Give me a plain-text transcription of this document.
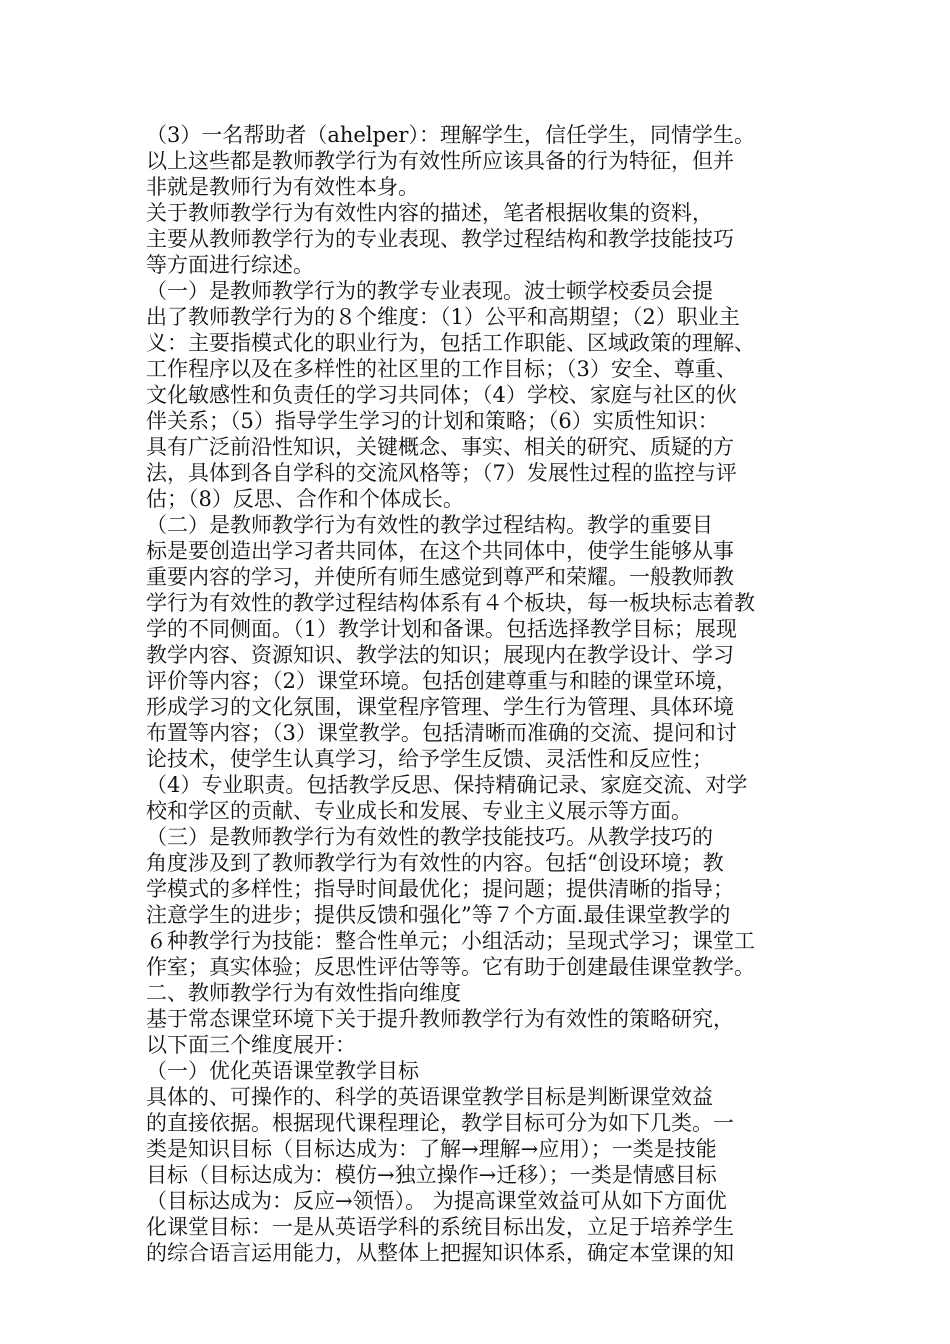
（3）一名帮助者（ahelper）：理解学生，信任学生，同情学生。
以上这些都是教师教学行为有效性所应该具备的行为特征，但并
非就是教师行为有效性本身。
关于教师教学行为有效性内容的描述，笔者根据收集的资料，
主要从教师教学行为的专业表现、教学过程结构和教学技能技巧
等方面进行综述。
（一）是教师教学行为的教学专业表现。波士顿学校委员会提
出了教师教学行为的８个维度：（1）公平和高期望；（2）职业主
义：主要指模式化的职业行为，包括工作职能、区域政策的理解、
工作程序以及在多样性的社区里的工作目标；（3）安全、尊重、
文化敏感性和负责任的学习共同体；（4）学校、家庭与社区的伙
伴关系；（5）指导学生学习的计划和策略；（6）实质性知识：
具有广泛前沿性知识，关键概念、事实、相关的研究、质疑的方
法，具体到各自学科的交流风格等；（7）发展性过程的监控与评
估；（8）反思、合作和个体成长。
（二）是教师教学行为有效性的教学过程结构。教学的重要目
标是要创造出学习者共同体，在这个共同体中，使学生能够从事
重要内容的学习，并使所有师生感觉到尊严和荣耀。一般教师教
学行为有效性的教学过程结构体系有４个板块，每一板块标志着教
学的不同侧面。（1）教学计划和备课。包括选择教学目标；展现
教学内容、资源知识、教学法的知识；展现内在教学设计、学习
评价等内容；（2）课堂环境。包括创建尊重与和睦的课堂环境，
形成学习的文化氛围，课堂程序管理、学生行为管理、具体环境
布置等内容；（3）课堂教学。包括清晰而准确的交流、提问和讨
论技术，使学生认真学习，给予学生反馈、灵活性和反应性；
（4）专业职责。包括教学反思、保持精确记录、家庭交流、对学
校和学区的贡献、专业成长和发展、专业主义展示等方面。
（三）是教师教学行为有效性的教学技能技巧。从教学技巧的
角度涉及到了教师教学行为有效性的内容。包括“创设环境；教
学模式的多样性；指导时间最优化；提问题；提供清晰的指导；
注意学生的进步；提供反馈和强化”等７个方面.最佳课堂教学的
６种教学行为技能：整合性单元；小组活动；呈现式学习；课堂工
作室；真实体验；反思性评估等等。它有助于创建最佳课堂教学。
二、教师教学行为有效性指向维度
基于常态课堂环境下关于提升教师教学行为有效性的策略研究，
以下面三个维度展开：
（一）优化英语课堂教学目标
具体的、可操作的、科学的英语课堂教学目标是判断课堂效益
的直接依据。根据现代课程理论，教学目标可分为如下几类。一
类是知识目标（目标达成为：了解→理解→应用）；一类是技能
目标（目标达成为：模仿→独立操作→迁移）；一类是情感目标
（目标达成为：反应→领悟）。 为提高课堂效益可从如下方面优
化课堂目标：一是从英语学科的系统目标出发，立足于培养学生
的综合语言运用能力，从整体上把握知识体系，确定本堂课的知
